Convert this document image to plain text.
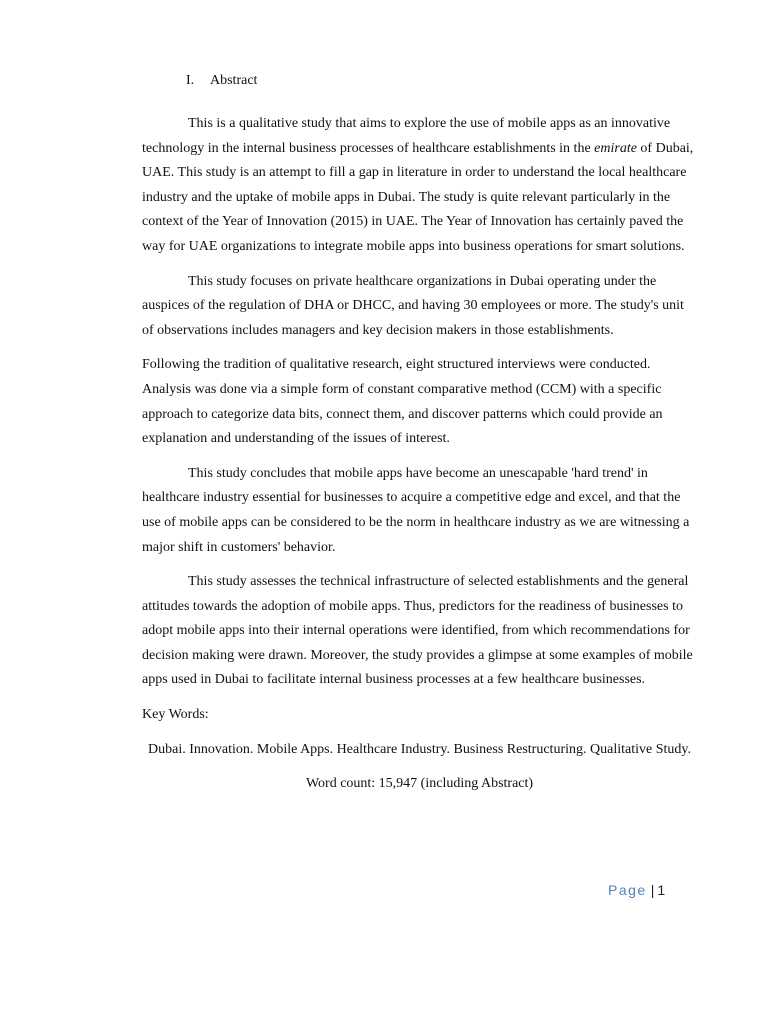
I. Abstract

This is a qualitative study that aims to explore the use of mobile apps as an innovative technology in the internal business processes of healthcare establishments in the emirate of Dubai, UAE. This study is an attempt to fill a gap in literature in order to understand the local healthcare industry and the uptake of mobile apps in Dubai. The study is quite relevant particularly in the context of the Year of Innovation (2015) in UAE. The Year of Innovation has certainly paved the way for UAE organizations to integrate mobile apps into business operations for smart solutions.

This study focuses on private healthcare organizations in Dubai operating under the auspices of the regulation of DHA or DHCC, and having 30 employees or more. The study's unit of observations includes managers and key decision makers in those establishments.

Following the tradition of qualitative research, eight structured interviews were conducted. Analysis was done via a simple form of constant comparative method (CCM) with a specific approach to categorize data bits, connect them, and discover patterns which could provide an explanation and understanding of the issues of interest.

This study concludes that mobile apps have become an unescapable 'hard trend' in healthcare industry essential for businesses to acquire a competitive edge and excel, and that the use of mobile apps can be considered to be the norm in healthcare industry as we are witnessing a major shift in customers' behavior.

This study assesses the technical infrastructure of selected establishments and the general attitudes towards the adoption of mobile apps. Thus, predictors for the readiness of businesses to adopt mobile apps into their internal operations were identified, from which recommendations for decision making were drawn. Moreover, the study provides a glimpse at some examples of mobile apps used in Dubai to facilitate internal business processes at a few healthcare businesses.

Key Words:

Dubai. Innovation. Mobile Apps. Healthcare Industry. Business Restructuring. Qualitative Study.

Word count: 15,947 (including Abstract)

Page | 1
